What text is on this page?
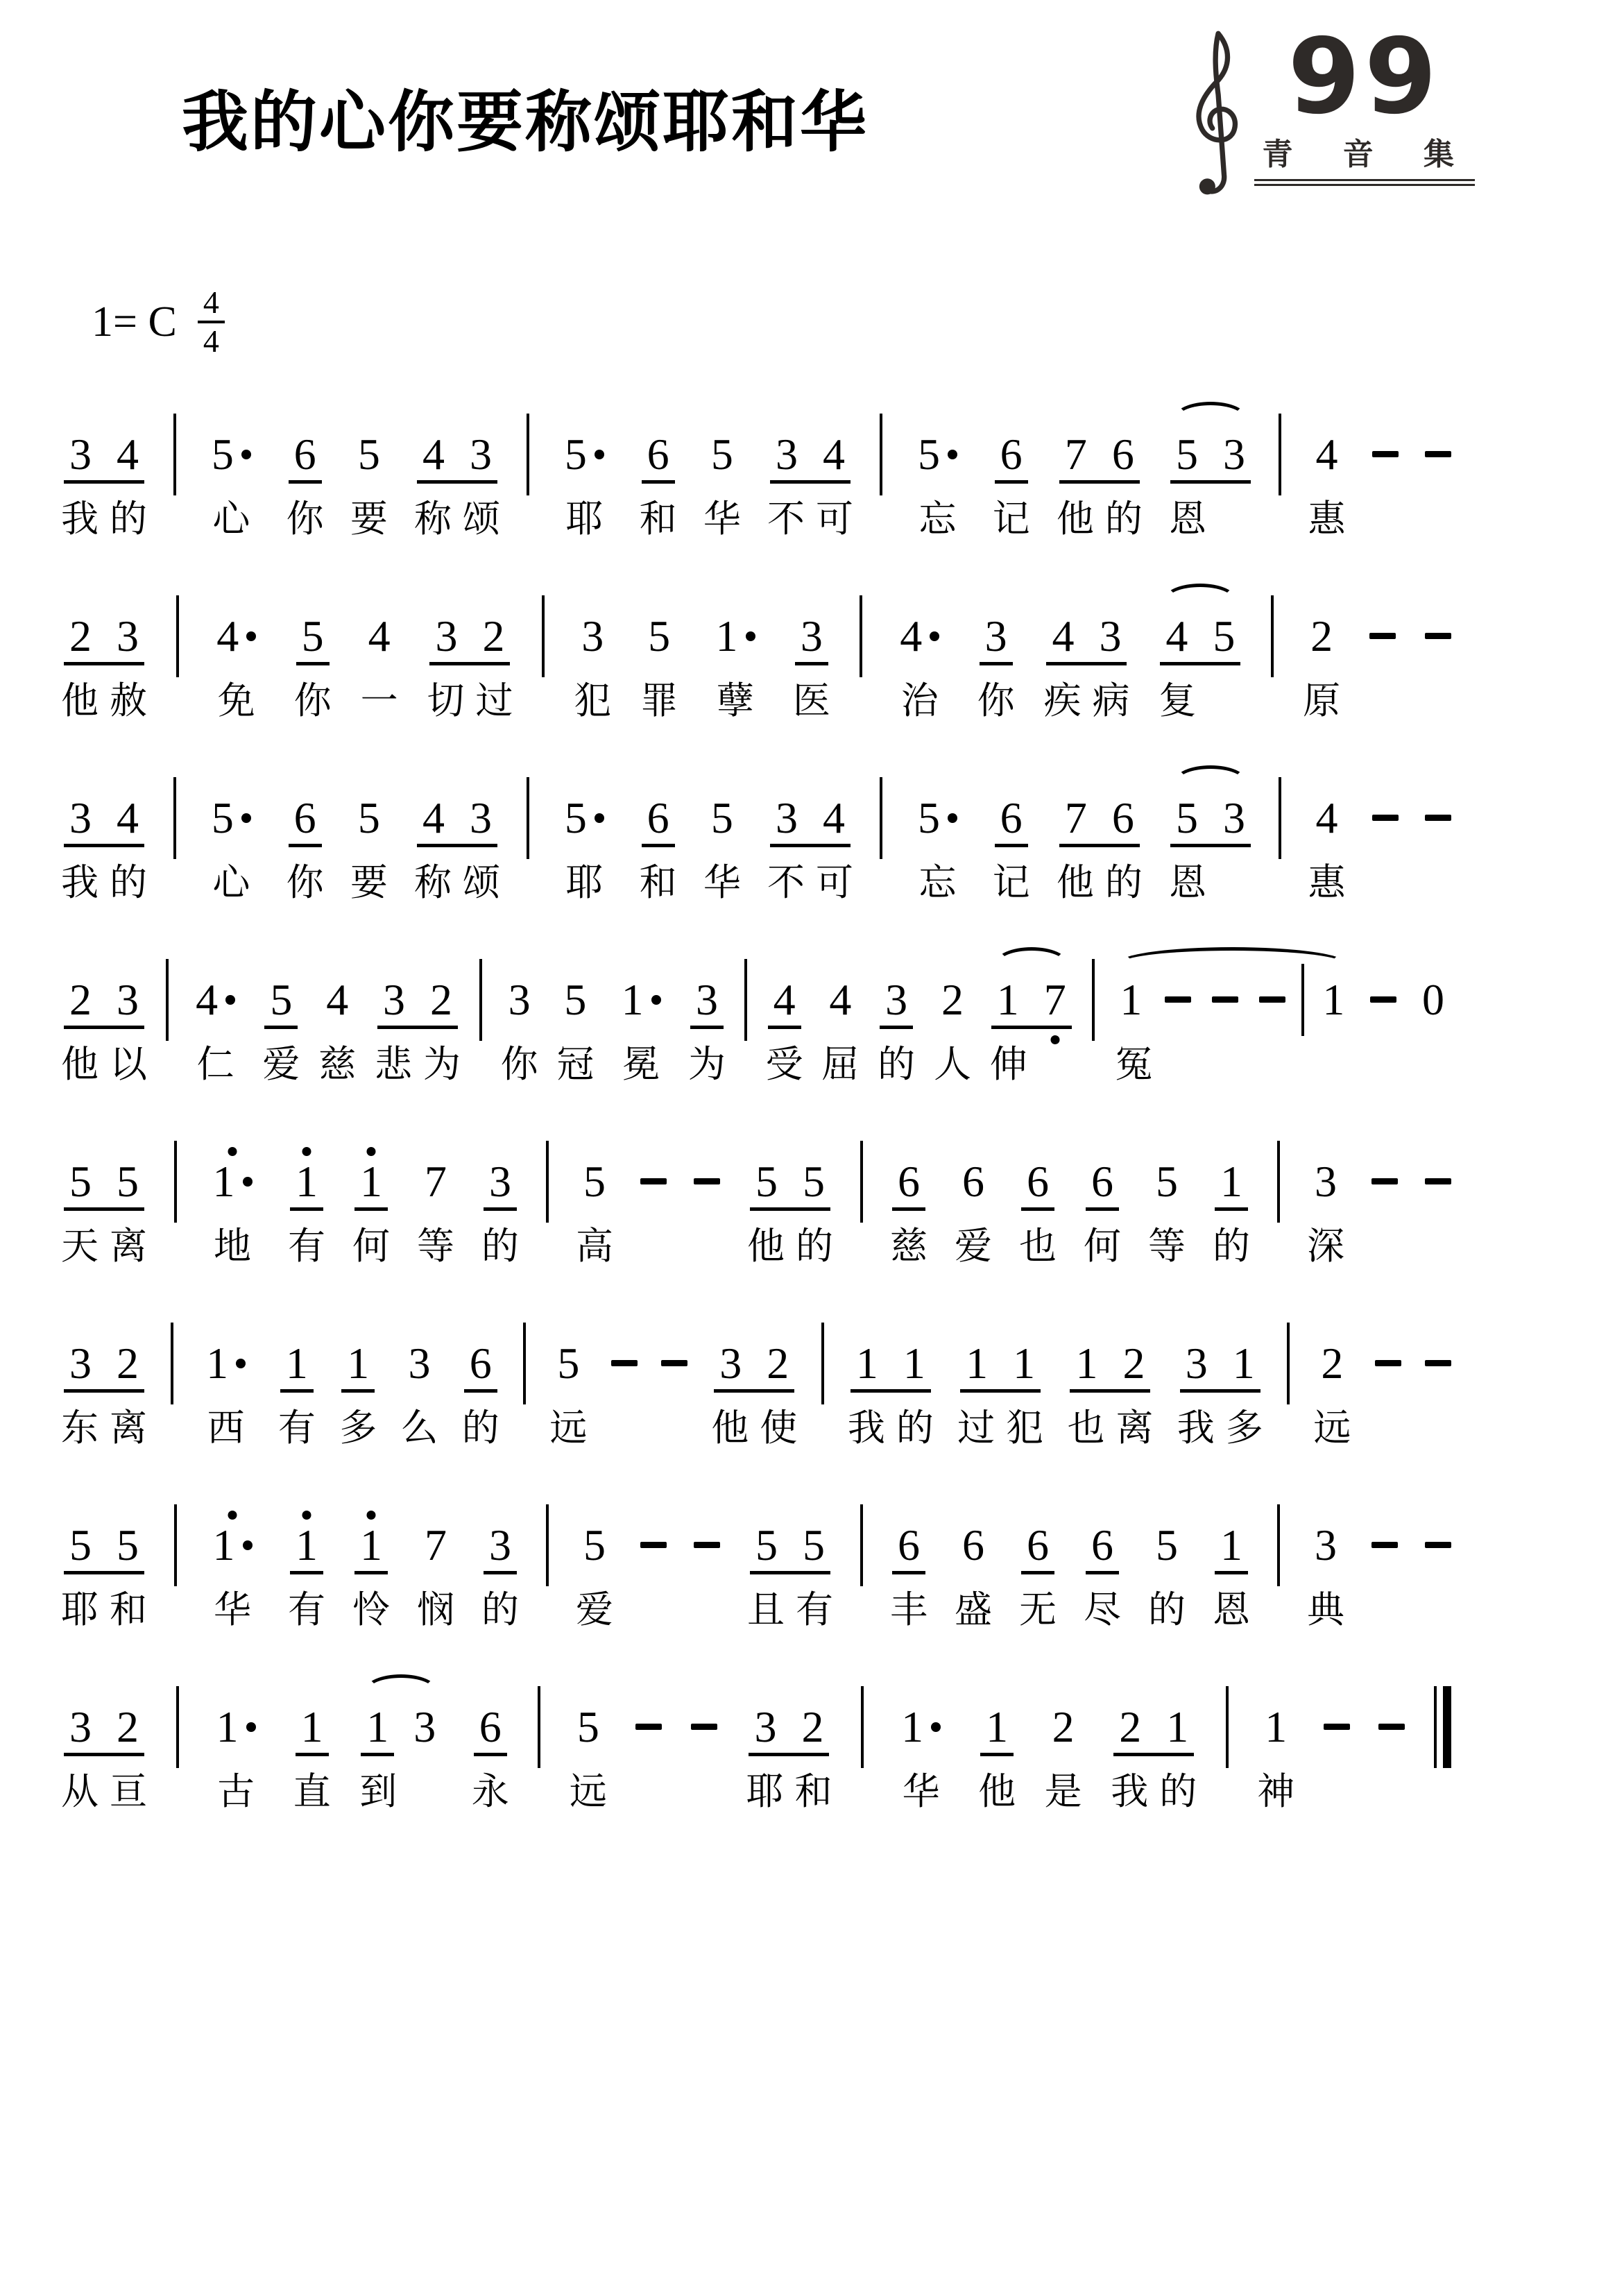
我的心你要称颂耶和华	99
青 音 集
1= C $\frac{4}{4}$
3 4
我 的
5
心
6
你
5
要
4 3
称 颂
5
耶
6
和
5
华
3 4
不 可
5
忘
6
记
7 6
他 的
5 3
恩
4
惠
2 3
他 赦
4
免
5
你
4
一
3 2
切 过
3
犯
5
罪
1
孽
3
医
4
治
3
你
4 3
疾 病
4 5
复
2
原
3 4
我 的
5
心
6
你
5
要
4 3
称 颂
5
耶
6
和
5
华
3 4
不 可
5
忘
6
记
7 6
他 的
5 3
恩
4
惠
2 3
他 以
4
仁
5
爱
4
慈
3 2
悲 为
3
你
5
冠
1
冕
3
为
4
受
4
屈
3
的
2
人
1 7
伸
1	1
冤
0
5 5
天 离
1
地
1
有
1
何
7
等
3
的
5
高
5 5
他 的
6
慈
6
爱
6
也
6
何
5
等
1
的
3
深
3 2
东 离
1
西
1
有
1
多
3
么
6
的
5
远
3 2
他 使
1 1
我 的
1 1
过 犯
1 2
也 离
3 1
我 多
2
远
5 5
耶 和
1
华
1
有
1
怜
7
悯
3
的
5
爱
5 5
且 有
6
丰
6
盛
6
无
6
尽
5
的
1
恩
3
典
3 2
从 亘
1
古
1
直
1 3
到
6
永
5
远
3 2
耶 和
1
华
1
他
2
是
2 1
我 的
1
神
